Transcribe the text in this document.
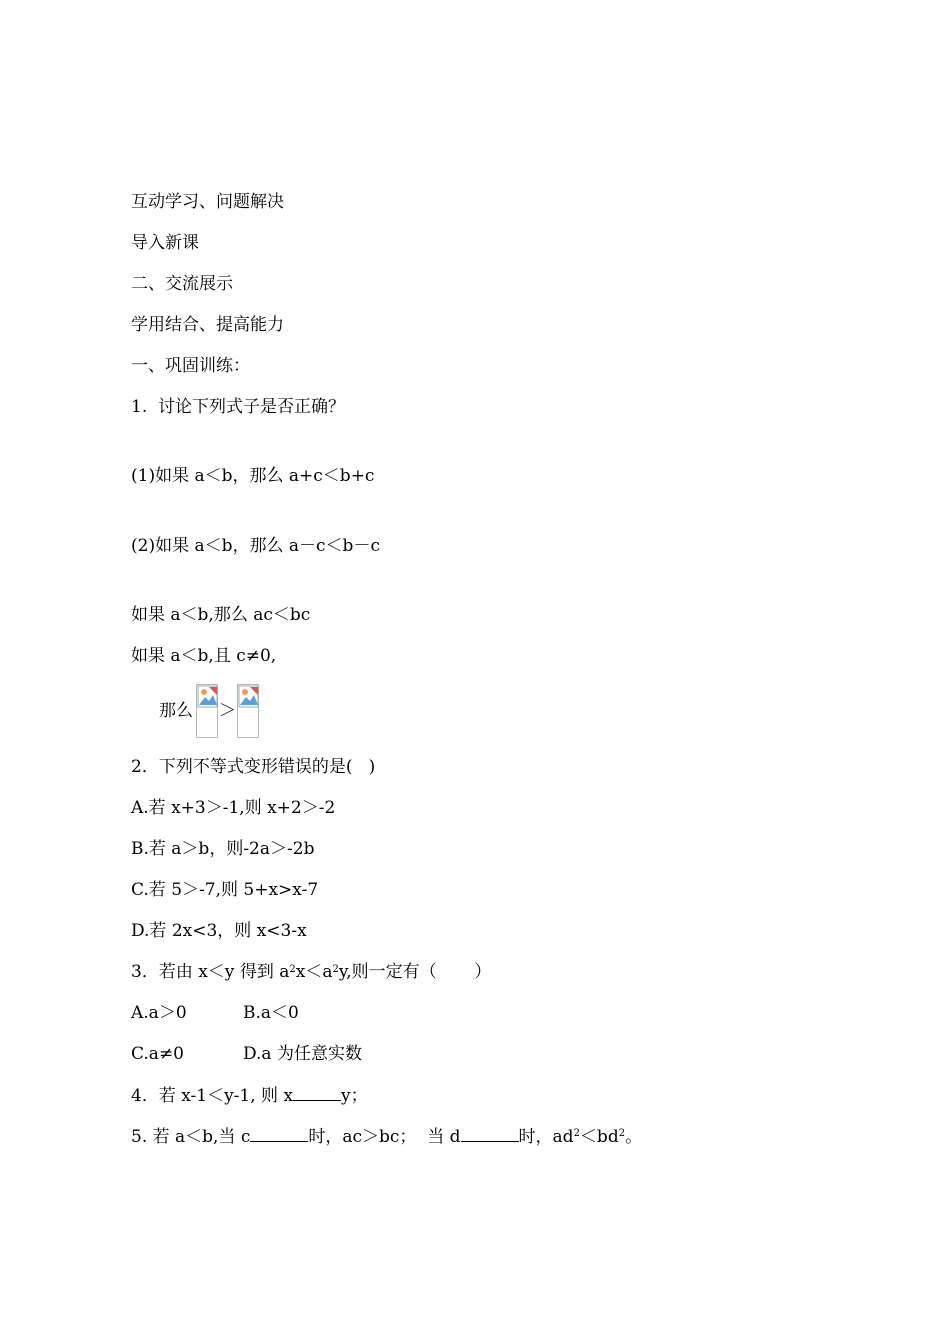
互动学习、问题解决
导入新课
二、交流展示
学用结合、提高能力
一、巩固训练：
1.  讨论下列式子是否正确？
(1)如果 a＜b，那么 a+c＜b+c
(2)如果 a＜b，那么 a－c＜b－c
如果 a＜b,那么 ac＜bc
如果 a＜b,且 c≠0,
那么 ＞
2．下列不等式变形错误的是(   )
A.若 x+3＞-1,则 x+2＞-2
B.若 a＞b，则-2a＞-2b
C.若 5＞-7,则 5+x>x-7
D.若 2x<3，则 x<3-x
3．若由 x＜y 得到 $a^2x<a^2y$,则一定有（       ）
A.a＞0	B.a＜0
C.a≠0	D.a 为任意实数
4．若 x-1＜y-1, 则 x	y；
5. 若 a＜b,当 c	时，ac＞bc；  当 d	时，$ad^2<bd^2$。
